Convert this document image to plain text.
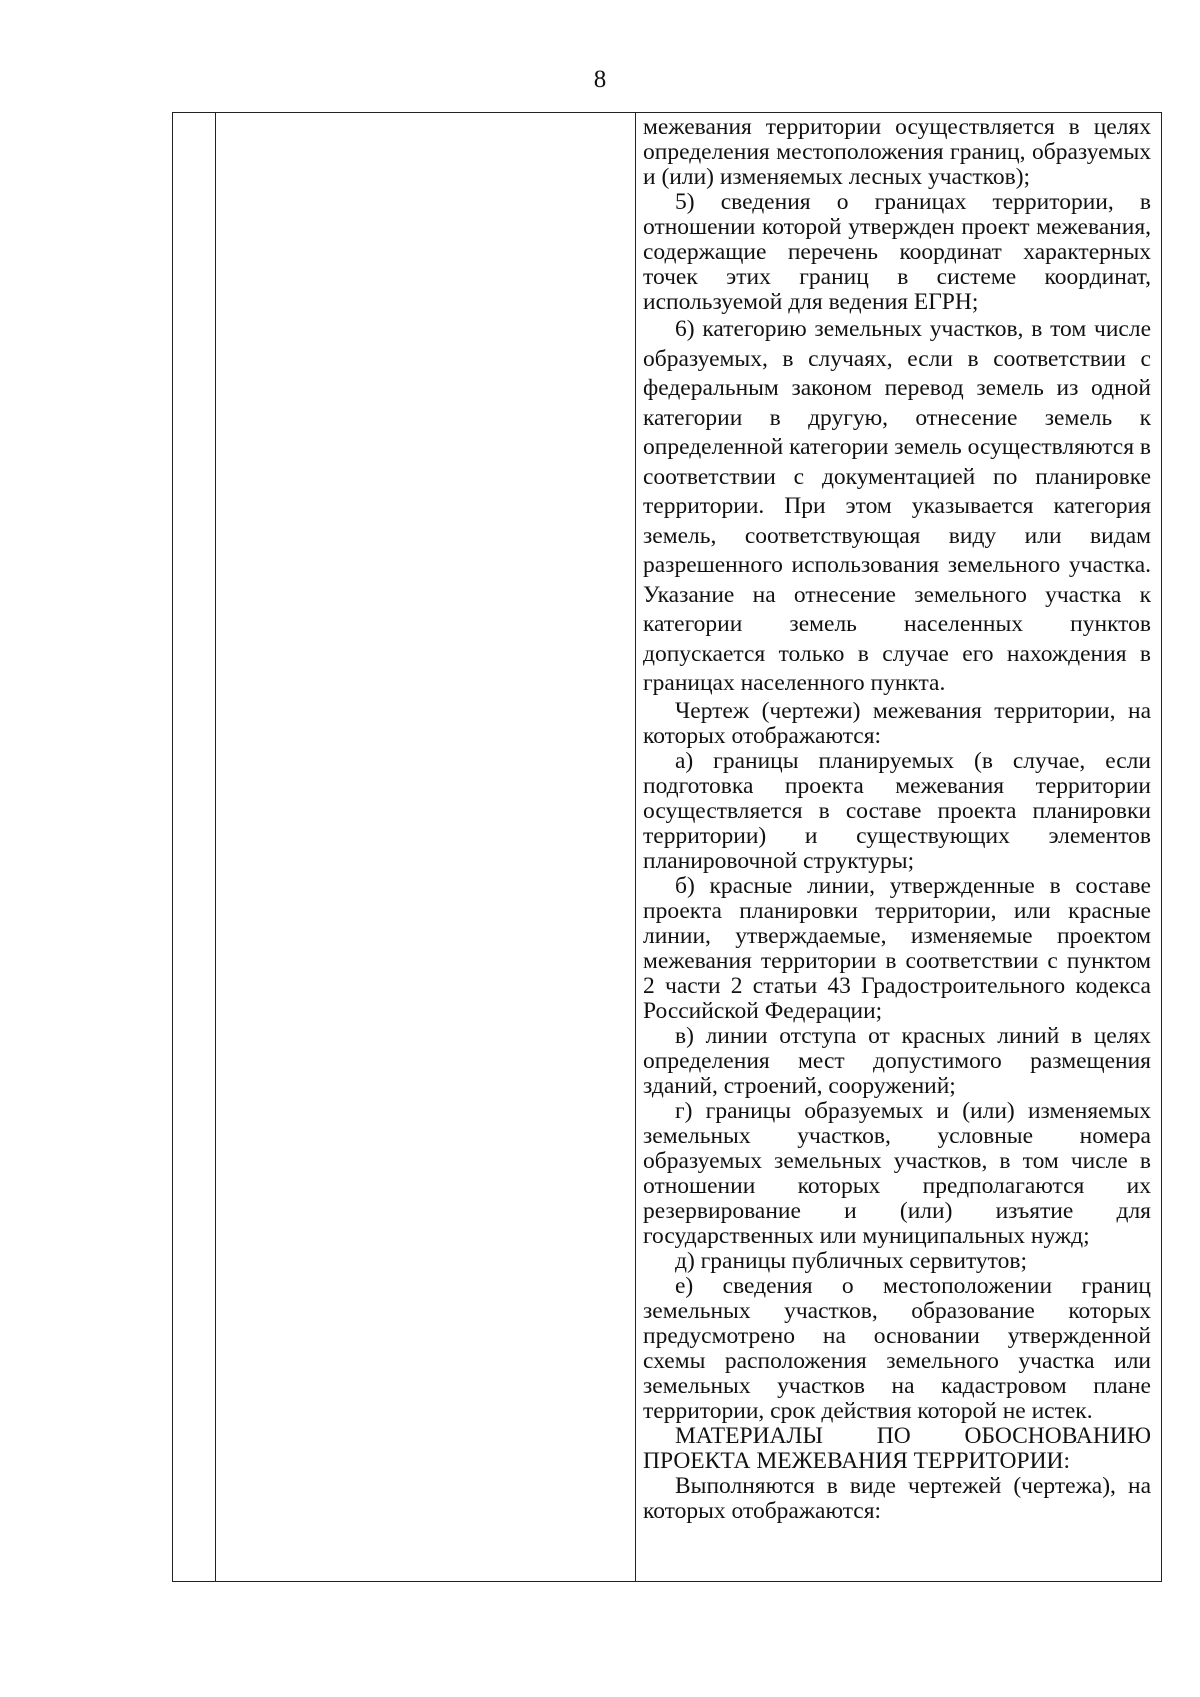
8

межевания территории осуществляется в целях определения местоположения границ, образуемых и (или) изменяемых лесных участков);

5) сведения о границах территории, в отношении которой утвержден проект межевания, содержащие перечень координат характерных точек этих границ в системе координат, используемой для ведения ЕГРН;

6) категорию земельных участков, в том числе образуемых, в случаях, если в соответствии с федеральным законом перевод земель из одной категории в другую, отнесение земель к определенной категории земель осуществляются в соответствии с документацией по планировке территории. При этом указывается категория земель, соответствующая виду или видам разрешенного использования земельного участка. Указание на отнесение земельного участка к категории земель населенных пунктов допускается только в случае его нахождения в границах населенного пункта.

Чертеж (чертежи) межевания территории, на которых отображаются:

а) границы планируемых (в случае, если подготовка проекта межевания территории осуществляется в составе проекта планировки территории) и существующих элементов планировочной структуры;

б) красные линии, утвержденные в составе проекта планировки территории, или красные линии, утверждаемые, изменяемые проектом межевания территории в соответствии с пунктом 2 части 2 статьи 43 Градостроительного кодекса Российской Федерации;

в) линии отступа от красных линий в целях определения мест допустимого размещения зданий, строений, сооружений;

г) границы образуемых и (или) изменяемых земельных участков, условные номера образуемых земельных участков, в том числе в отношении которых предполагаются их резервирование и (или) изъятие для государственных или муниципальных нужд;

д) границы публичных сервитутов;

е) сведения о местоположении границ земельных участков, образование которых предусмотрено на основании утвержденной схемы расположения земельного участка или земельных участков на кадастровом плане территории, срок действия которой не истек.

МАТЕРИАЛЫ ПО ОБОСНОВАНИЮ ПРОЕКТА МЕЖЕВАНИЯ ТЕРРИТОРИИ:

Выполняются в виде чертежей (чертежа), на которых отображаются:
